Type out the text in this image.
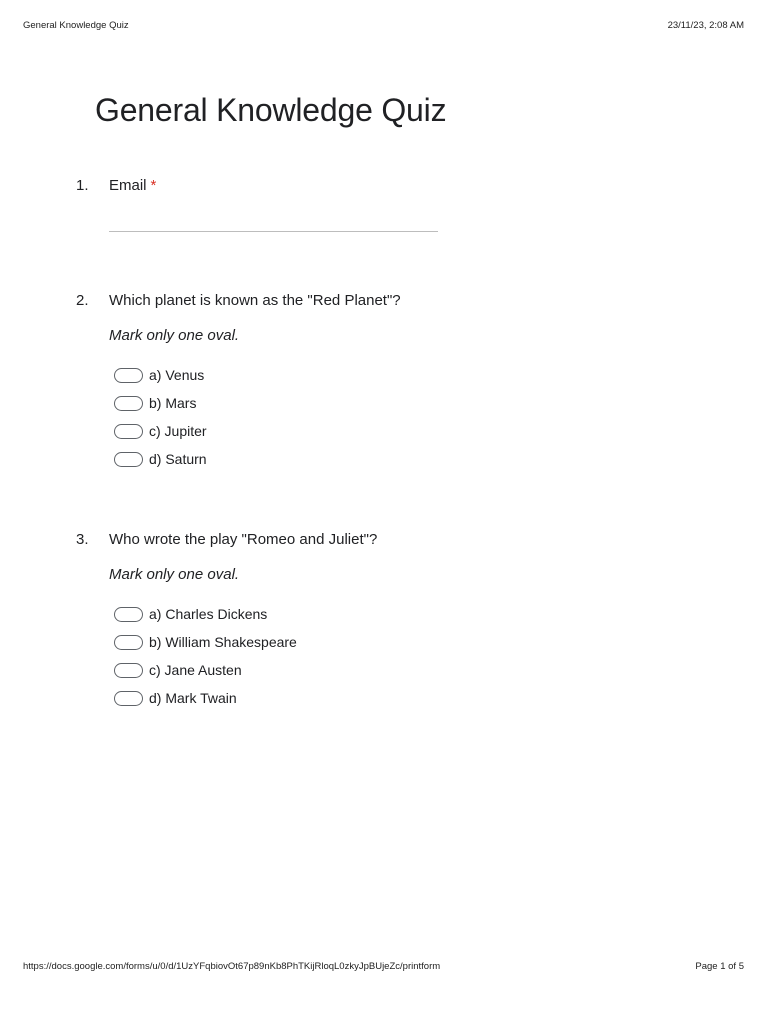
General Knowledge Quiz	23/11/23, 2:08 AM
General Knowledge Quiz
1. Email *
2. Which planet is known as the "Red Planet"?
Mark only one oval.
a) Venus
b) Mars
c) Jupiter
d) Saturn
3. Who wrote the play "Romeo and Juliet"?
Mark only one oval.
a) Charles Dickens
b) William Shakespeare
c) Jane Austen
d) Mark Twain
https://docs.google.com/forms/u/0/d/1UzYFqbiovOt67p89nKb8PhTKijRloqL0zkyJpBUjeZc/printform	Page 1 of 5
